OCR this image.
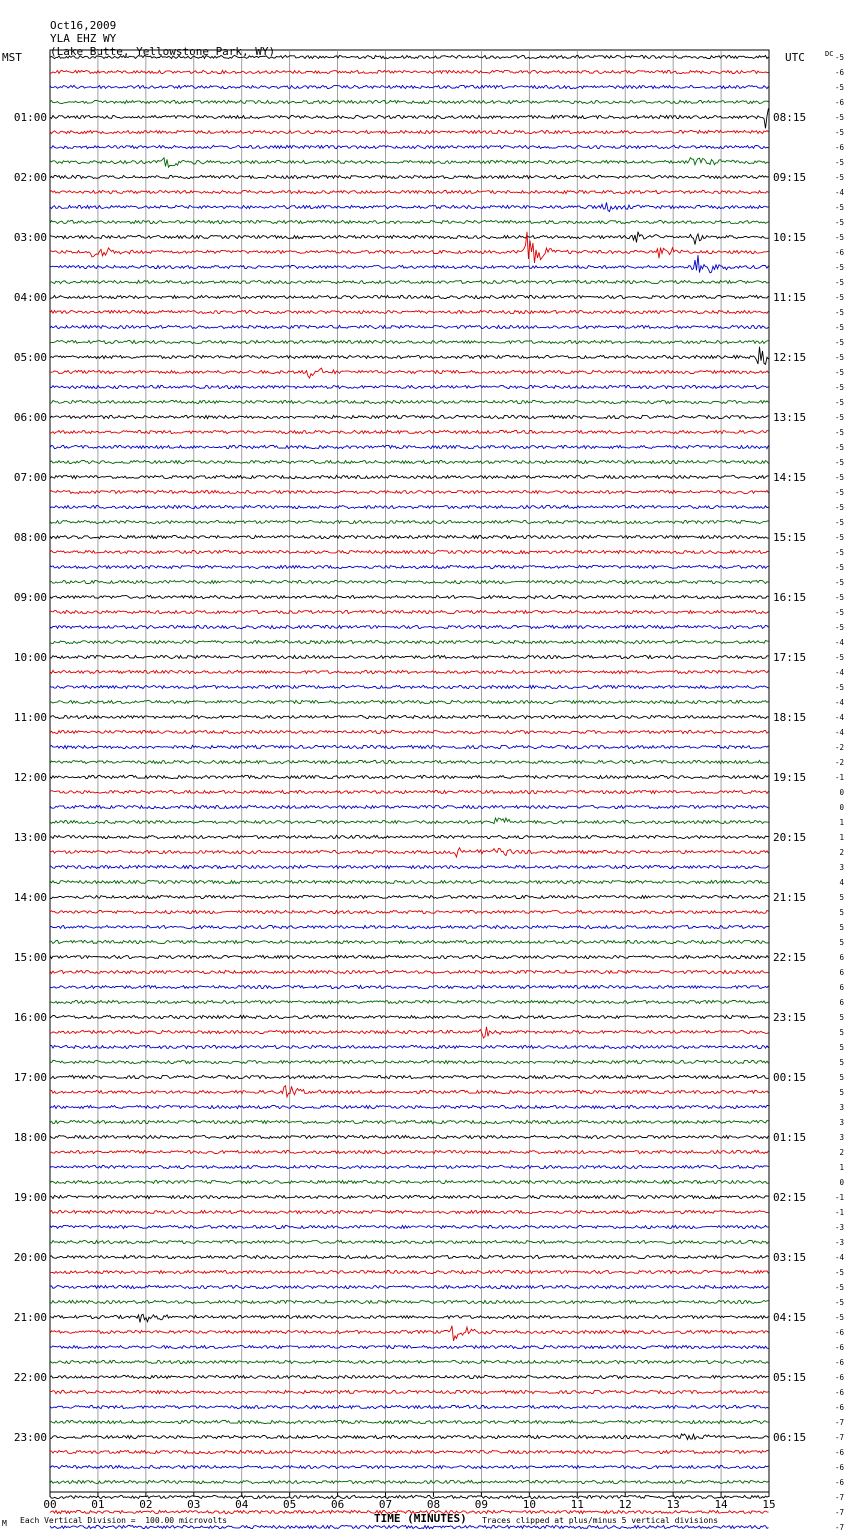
Oct16,2009
YLA EHZ WY
(Lake Butte, Yellowstone Park, WY)

MST	UTC	DC -5
-6
-5
-6
-5
-5
-6
-5
-5
-4
-5
-5
-5
-6
-5
-5
-5
-5
-5
-5
-5
-5
-5
-5
-5
-5
-5
-5
-5
-5
-5
-5
-5
-5
-5
-5
-5
-5
-5
-4
-5
-4
-5
-4
-4
-4
-2
-2
-1
0
0
1
1
2
3
4
5
5
5
5
6
6
6
6
5
5
5
5
5
5
3
3
3
2
1
0
-1
-1
-3
-3
-4
-5
-5
-5
-5
-6
-6
-6
-6
-6
-6
-7
-7
-6
-6
-6
-7
-7
-7
01:00	08:15
02:00	09:15
03:00	10:15
04:00	11:15
05:00	12:15
06:00	13:15
07:00	14:15
08:00	15:15
09:00	16:15
10:00	17:15
11:00	18:15
12:00	19:15
13:00	20:15
14:00	21:15
15:00	22:15
16:00	23:15
17:00	00:15
18:00	01:15
19:00	02:15
20:00	03:15
21:00	04:15
22:00	05:15
23:00	06:15
00	01	02	03	04	05	06	07	08	09	10	11	12	13	14	15
M Each Vertical Division =  100.00 microvolts	TIME (MINUTES) Traces clipped at plus/minus 5 vertical divisions
